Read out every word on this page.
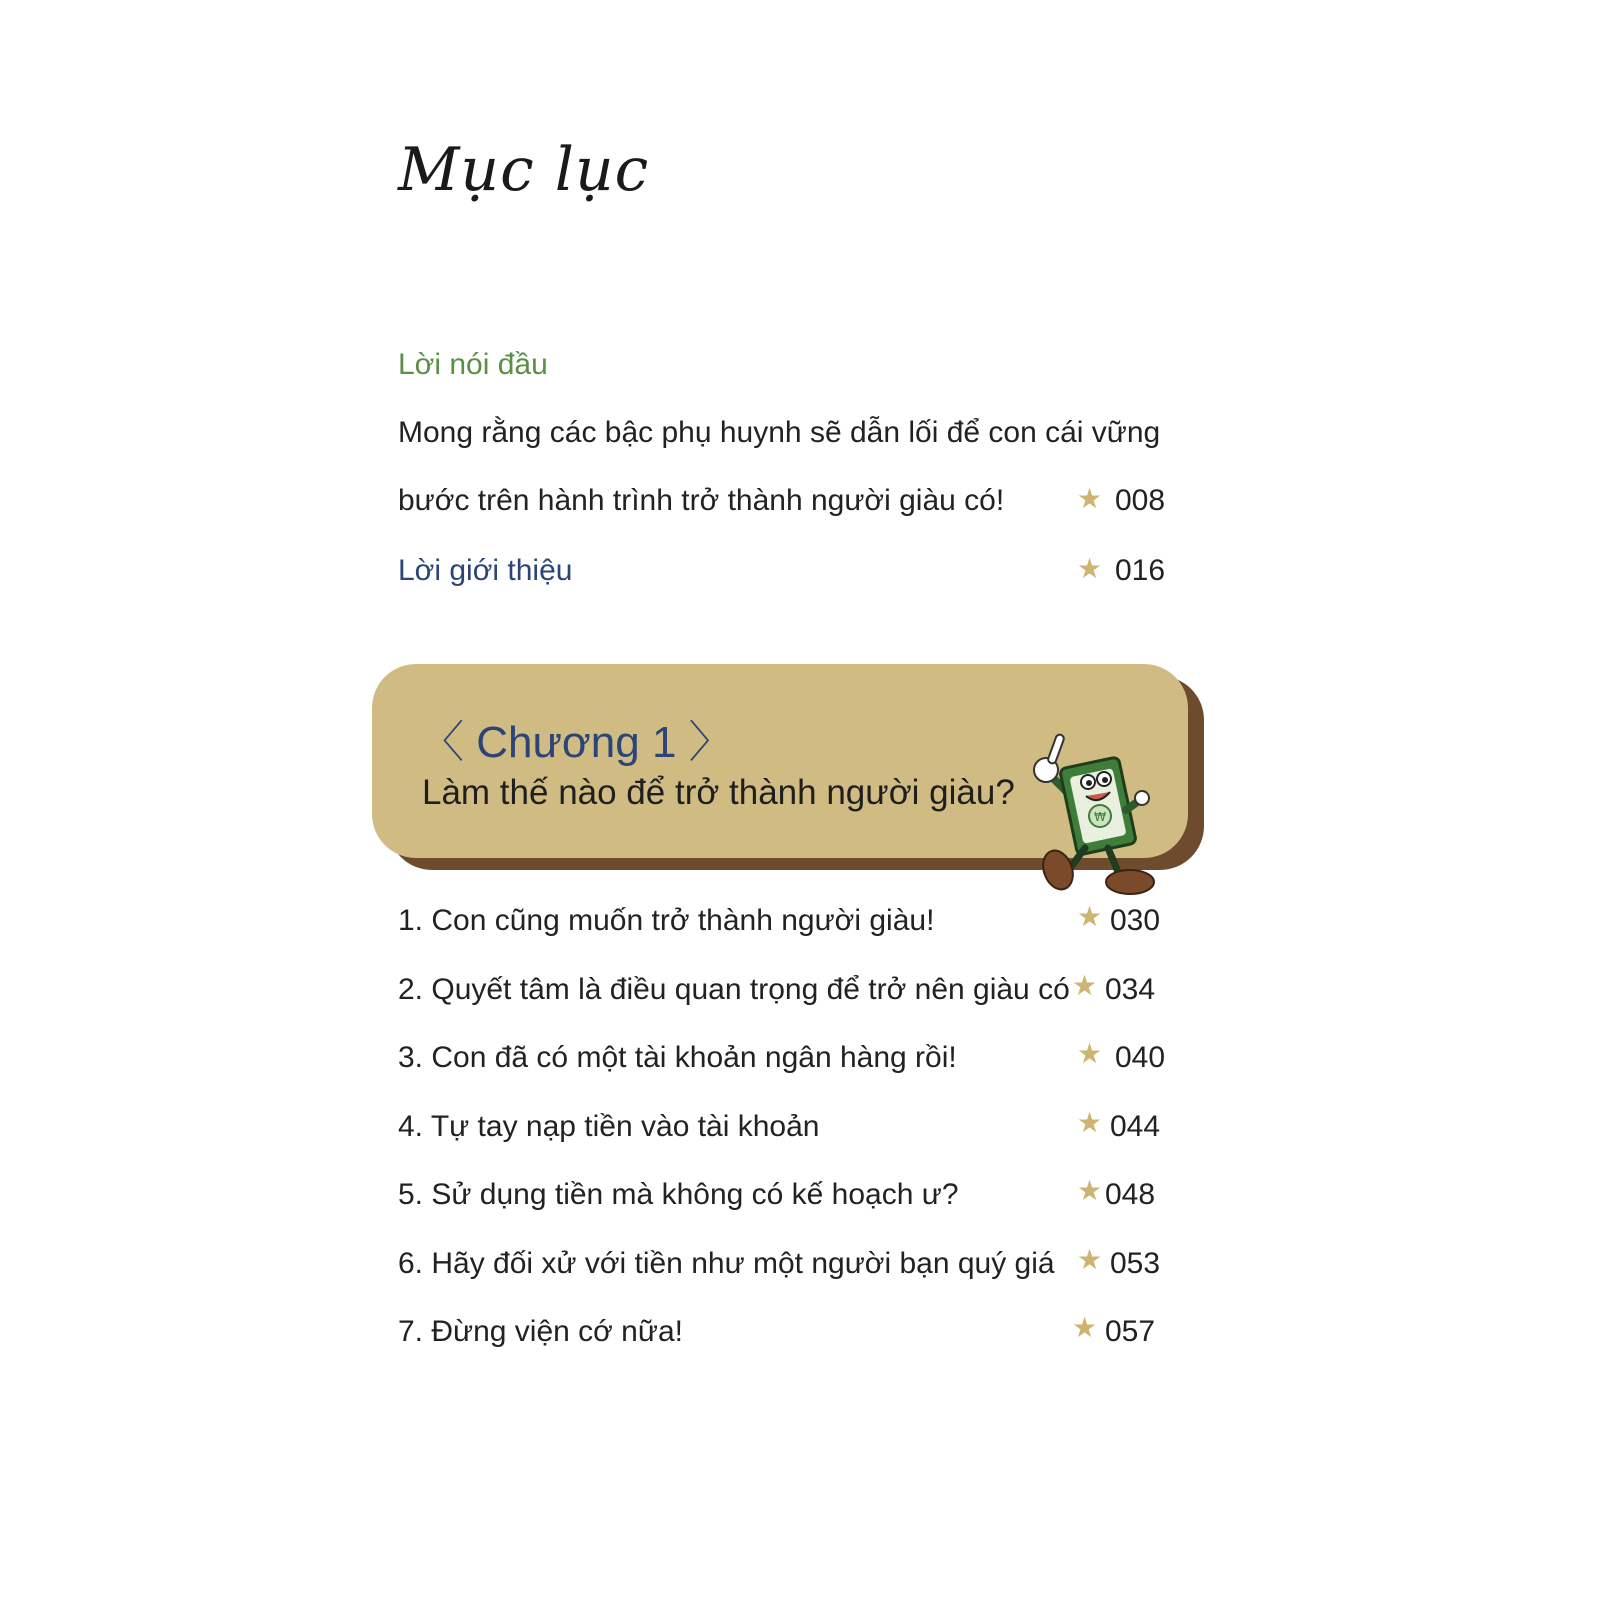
Mục lục
Lời nói đầu
Mong rằng các bậc phụ huynh sẽ dẫn lối để con cái vững
bước trên hành trình trở thành người giàu có!	★ 008
Lời giới thiệu	★ 016
〈 Chương 1 〉
Làm thế nào để trở thành người giàu?
₩
1. Con cũng muốn trở thành người giàu!	★ 030
2. Quyết tâm là điều quan trọng để trở nên giàu có ★ 034
3. Con đã có một tài khoản ngân hàng rồi!	★ 040
4. Tự tay nạp tiền vào tài khoản	★ 044
5. Sử dụng tiền mà không có kế hoạch ư?	★ 048
6. Hãy đối xử với tiền như một người bạn quý giá ★ 053
7. Đừng viện cớ nữa!	★ 057
